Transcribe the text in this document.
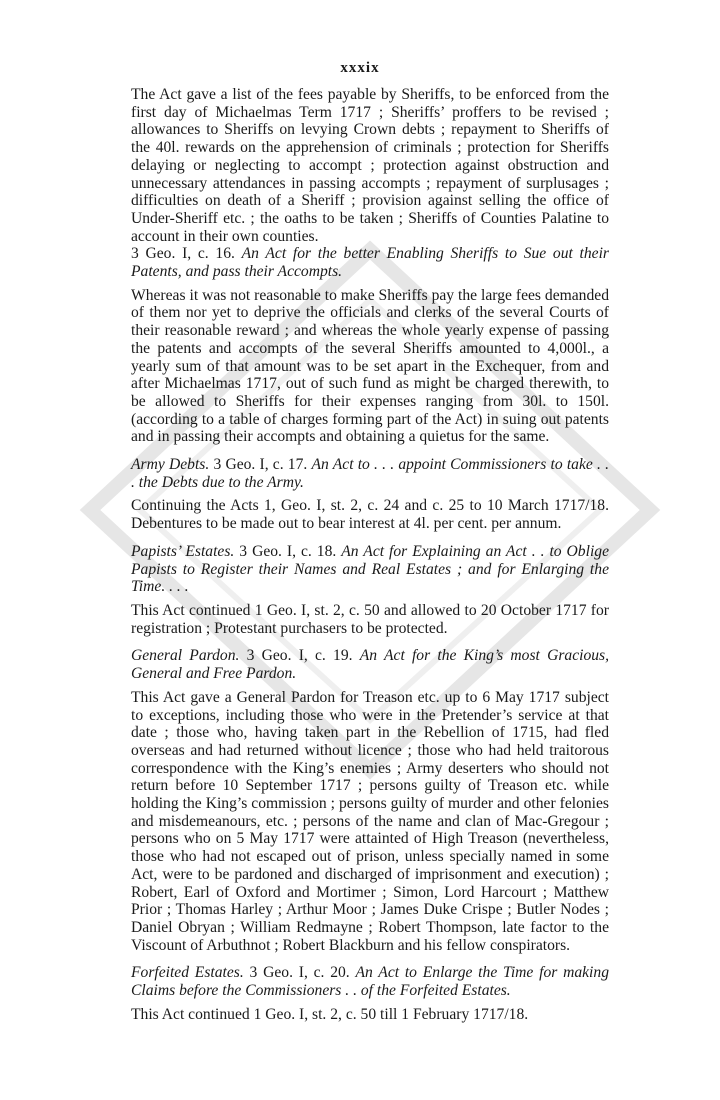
xxxix

The Act gave a list of the fees payable by Sheriffs, to be enforced from the first day of Michaelmas Term 1717 ; Sheriffs’ proffers to be revised ; allowances to Sheriffs on levying Crown debts ; repayment to Sheriffs of the 40l. rewards on the apprehension of criminals ; protection for Sheriffs delaying or neglecting to accompt ; protection against obstruction and unnecessary attendances in passing accompts ; repayment of surplusages ; difficulties on death of a Sheriff ; provision against selling the office of Under-Sheriff etc. ; the oaths to be taken ; Sheriffs of Counties Palatine to account in their own counties.

3 Geo. I, c. 16. An Act for the better Enabling Sheriffs to Sue out their Patents, and pass their Accompts.

Whereas it was not reasonable to make Sheriffs pay the large fees demanded of them nor yet to deprive the officials and clerks of the several Courts of their reasonable reward ; and whereas the whole yearly expense of passing the patents and accompts of the several Sheriffs amounted to 4,000l., a yearly sum of that amount was to be set apart in the Exchequer, from and after Michaelmas 1717, out of such fund as might be charged therewith, to be allowed to Sheriffs for their expenses ranging from 30l. to 150l. (according to a table of charges forming part of the Act) in suing out patents and in passing their accompts and obtaining a quietus for the same.

Army Debts. 3 Geo. I, c. 17. An Act to . . . appoint Commissioners to take . . . the Debts due to the Army.

Continuing the Acts 1, Geo. I, st. 2, c. 24 and c. 25 to 10 March 1717/18. Debentures to be made out to bear interest at 4l. per cent. per annum.

Papists’ Estates. 3 Geo. I, c. 18. An Act for Explaining an Act . . to Oblige Papists to Register their Names and Real Estates ; and for Enlarging the Time. . . .

This Act continued 1 Geo. I, st. 2, c. 50 and allowed to 20 October 1717 for registration ; Protestant purchasers to be protected.

General Pardon. 3 Geo. I, c. 19. An Act for the King’s most Gracious, General and Free Pardon.

This Act gave a General Pardon for Treason etc. up to 6 May 1717 subject to exceptions, including those who were in the Pretender’s service at that date ; those who, having taken part in the Rebellion of 1715, had fled overseas and had returned without licence ; those who had held traitorous correspondence with the King’s enemies ; Army deserters who should not return before 10 September 1717 ; persons guilty of Treason etc. while holding the King’s commission ; persons guilty of murder and other felonies and misdemeanours, etc. ; persons of the name and clan of Mac-Gregour ; persons who on 5 May 1717 were attainted of High Treason (nevertheless, those who had not escaped out of prison, unless specially named in some Act, were to be pardoned and discharged of imprisonment and execution) ; Robert, Earl of Oxford and Mortimer ; Simon, Lord Harcourt ; Matthew Prior ; Thomas Harley ; Arthur Moor ; James Duke Crispe ; Butler Nodes ; Daniel Obryan ; William Redmayne ; Robert Thompson, late factor to the Viscount of Arbuthnot ; Robert Blackburn and his fellow conspirators.

Forfeited Estates. 3 Geo. I, c. 20. An Act to Enlarge the Time for making Claims before the Commissioners . . of the Forfeited Estates.

This Act continued 1 Geo. I, st. 2, c. 50 till 1 February 1717/18.
